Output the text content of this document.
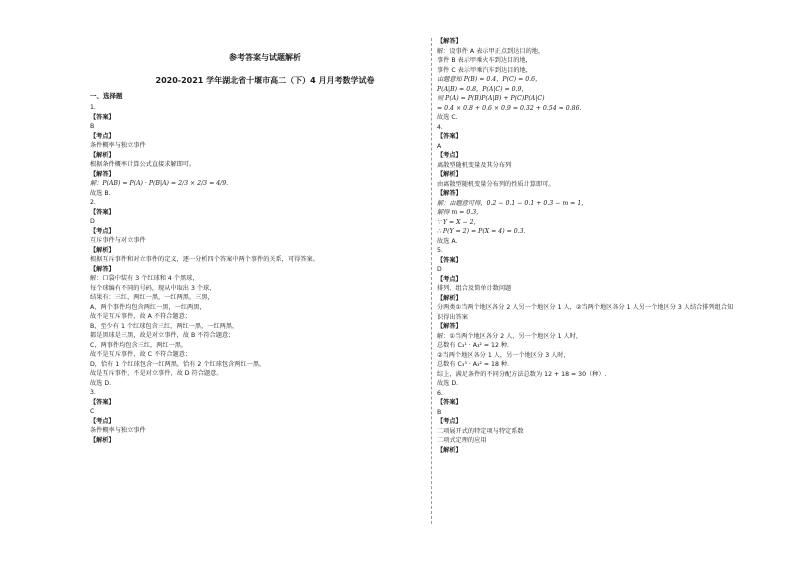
参考答案与试题解析
2020-2021 学年湖北省十堰市高二（下）4 月月考数学试卷
一、选择题
1.
【答案】
B
【考点】
条件概率与独立事件
【解析】
根据条件概率计算公式直接求解即可。
【解答】
解：P(AB) = P(A) · P(B|A) = 2/3 × 2/3 = 4/9.
故选 B.
2.
【答案】
D
【考点】
互斥事件与对立事件
【解析】
根据互斥事件和对立事件的定义，逐一分析四个答案中两个事件的关系，可得答案。
【解答】
解：口袋中装有 3 个红球和 4 个黑球，
每个球编有不同的号码，现从中取出 3 个球，
结果有：三红，两红一黑，一红两黑，三黑，
A，两个事件均包含两红一黑，一红两黑，
故不是互斥事件，故 A 不符合题意；
B，至少有 1 个红球包含三红，两红一黑，一红两黑，
都是黑球是三黑，故是对立事件，故 B 不符合题意；
C，两事件均包含三红，两红一黑，
故不是互斥事件，故 C 不符合题意；
D，恰有 1 个红球包含一红两黑，恰有 2 个红球包含两红一黑，
故是互斥事件，不是对立事件，故 D 符合题意。
故选 D.
3.
【答案】
C
【考点】
条件概率与独立事件
【解析】
【解答】
解：设事件 A 表示甲正点到达目的地，
事件 B 表示甲乘火车到达目的地，
事件 C 表示甲乘汽车到达目的地，
由题意知 P(B) = 0.4，P(C) = 0.6，
P(A|B) = 0.8，P(A|C) = 0.9，
则 P(A) = P(B)P(A|B) + P(C)P(A|C)
= 0.4 × 0.8 + 0.6 × 0.9 = 0.32 + 0.54 = 0.86.
故选 C.
4.
【答案】
A
【考点】
离散型随机变量及其分布列
【解析】
由离散型随机变量分布列的性质计算即可。
【解答】
解：由题意可得，0.2 − 0.1 − 0.1 + 0.3 − m = 1，
解得 m = 0.3，
∵ Y = X − 2，
∴ P(Y = 2) = P(X = 4) = 0.3.
故选 A.
5.
【答案】
D
【考点】
排列、组合及简单计数问题
【解析】
分两类①当两个地区各分 2 人另一个地区分 1 人，②当两个地区各分 1 人另一个地区分 3 人结合排列组合知
识得出答案
【解答】
解：①当两个地区各分 2 人，另一个地区分 1 人时，
总数有 C₃¹ · A₃² = 12 种.
②当两个地区各分 1 人，另一个地区分 3 人时，
总数有 C₃³ · A₃² = 18 种.
综上，满足条件的不同分配方法总数为 12 + 18 = 30（种）.
故选 D.
6.
【答案】
B
【考点】
二项展开式的特定项与特定系数
二项式定理的应用
【解析】
